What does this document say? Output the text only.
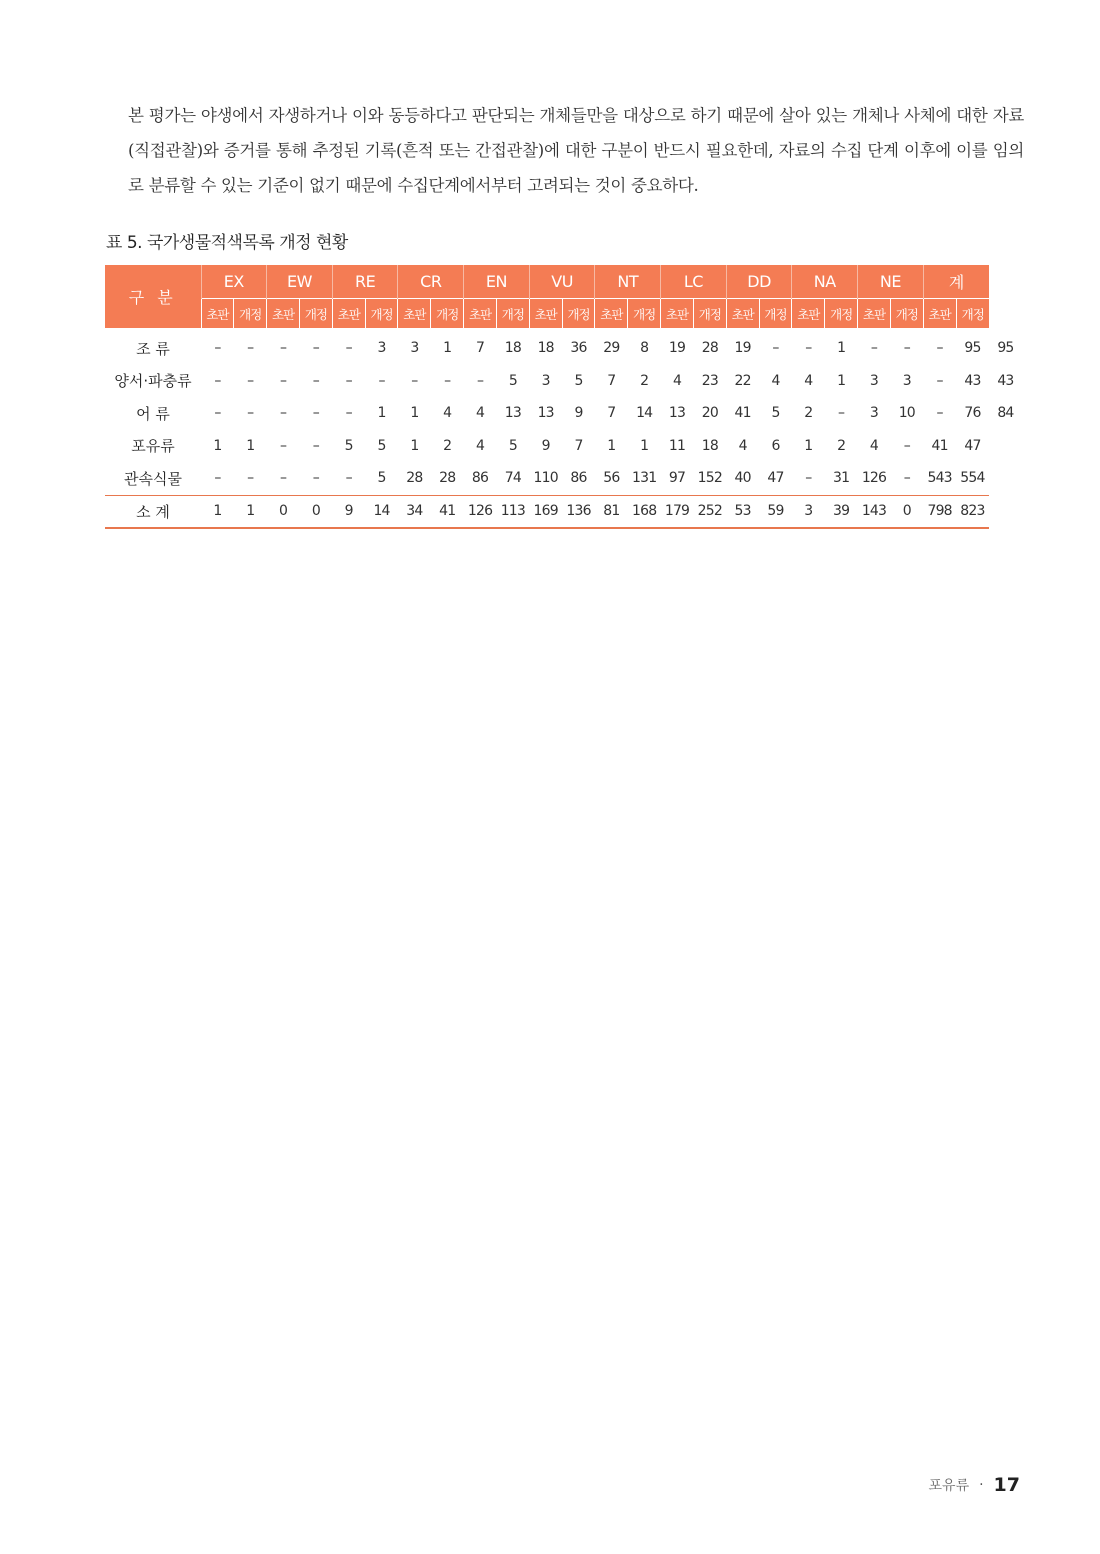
본 평가는 야생에서 자생하거나 이와 동등하다고 판단되는 개체들만을 대상으로 하기 때문에 살아 있는 개체나 사체에 대한 자료(직접관찰)와 증거를 통해 추정된 기록(흔적 또는 간접관찰)에 대한 구분이 반드시 필요한데, 자료의 수집 단계 이후에 이를 임의로 분류할 수 있는 기준이 없기 때문에 수집단계에서부터 고려되는 것이 중요하다.
표 5. 국가생물적색목록 개정 현황
구 분	EX		EW		RE		CR		EN		VU		NT		LC		DD		NA		NE		계		
	초판	개정	초판	개정	초판	개정	초판	개정	초판	개정	초판	개정	초판	개정	초판	개정	초판	개정	초판	개정	초판	개정	초판	개정	
조 류	–	–	–	–	–	3	3	1	7	18	18	36	29	8	19	28	19	–	–	1	–	–	–	95	95
양서·파충류	–	–	–	–	–	–	–	–	–	5	3	5	7	2	4	23	22	4	4	1	3	3	–	43	43
어 류	–	–	–	–	–	1	1	4	4	13	13	9	7	14	13	20	41	5	2	–	3	10	–	76	84
포유류	1	1	–	–	5	5	1	2	4	5	9	7	1	1	11	18	4	6	1	2	4	–	41	47	
관속식물	–	–	–	–	–	5	28	28	86	74	110	86	56	131	97	152	40	47	–	31	126	–	543	554	
소 계	1	1	0	0	9	14	34	41	126	113	169	136	81	168	179	252	53	59	3	39	143	0	798	823	
포유류 · 17
